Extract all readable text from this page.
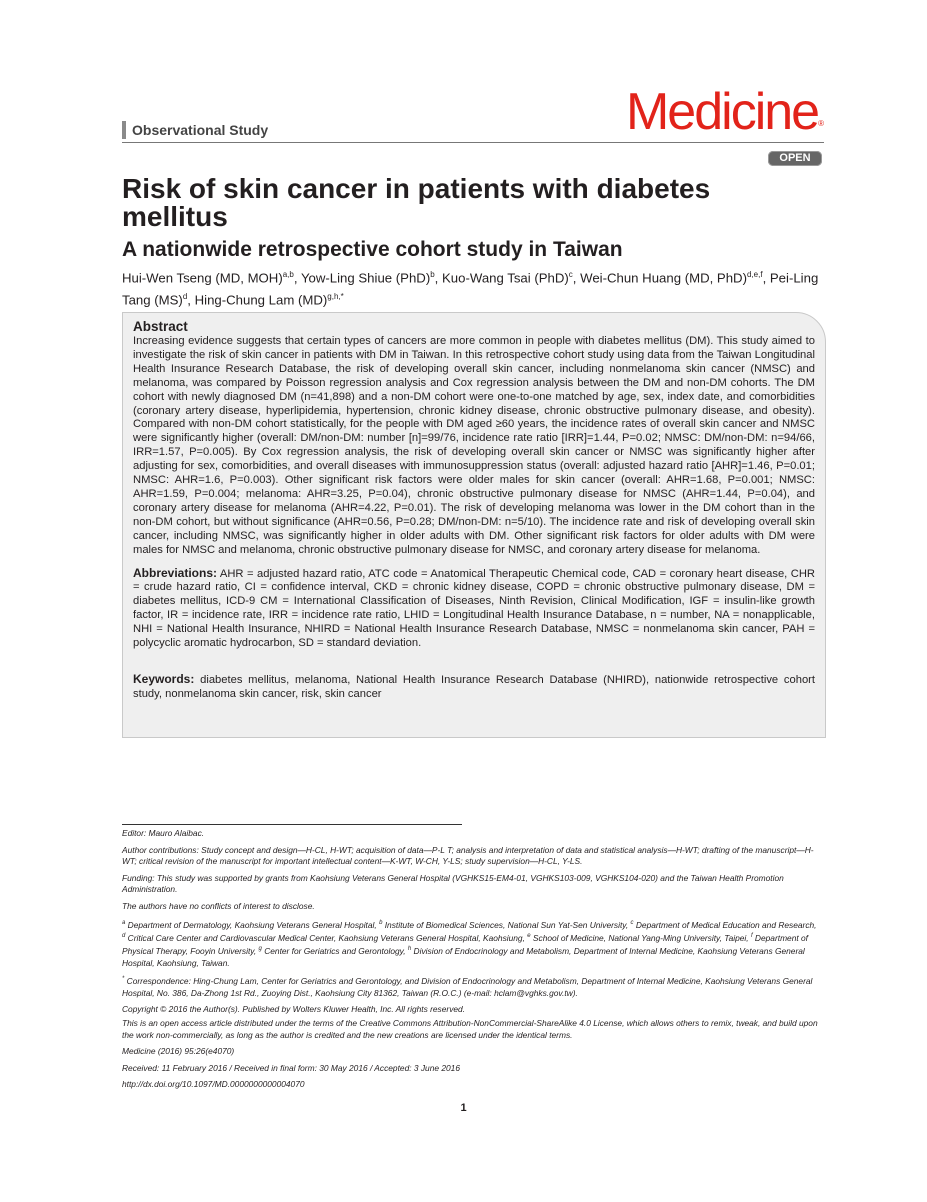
Observational Study	Medicine®
OPEN
Risk of skin cancer in patients with diabetes mellitus
A nationwide retrospective cohort study in Taiwan
Hui-Wen Tseng (MD, MOH)$^{a,b}$, Yow-Ling Shiue (PhD)$^b$, Kuo-Wang Tsai (PhD)$^c$, Wei-Chun Huang (MD, PhD)$^{d,e,f}$, Pei-Ling Tang (MS)$^d$, Hing-Chung Lam (MD)$^{g,h,*}$
Abstract

Increasing evidence suggests that certain types of cancers are more common in people with diabetes mellitus (DM). This study aimed to investigate the risk of skin cancer in patients with DM in Taiwan. In this retrospective cohort study using data from the Taiwan Longitudinal Health Insurance Research Database, the risk of developing overall skin cancer, including nonmelanoma skin cancer (NMSC) and melanoma, was compared by Poisson regression analysis and Cox regression analysis between the DM and non-DM cohorts. The DM cohort with newly diagnosed DM (n=41,898) and a non-DM cohort were one-to-one matched by age, sex, index date, and comorbidities (coronary artery disease, hyperlipidemia, hypertension, chronic kidney disease, chronic obstructive pulmonary disease, and obesity). Compared with non-DM cohort statistically, for the people with DM aged ≥60 years, the incidence rates of overall skin cancer and NMSC were significantly higher (overall: DM/non-DM: number [n]=99/76, incidence rate ratio [IRR]=1.44, P=0.02; NMSC: DM/non-DM: n=94/66, IRR=1.57, P=0.005). By Cox regression analysis, the risk of developing overall skin cancer or NMSC was significantly higher after adjusting for sex, comorbidities, and overall diseases with immunosuppression status (overall: adjusted hazard ratio [AHR]=1.46, P=0.01; NMSC: AHR=1.6, P=0.003). Other significant risk factors were older males for skin cancer (overall: AHR=1.68, P=0.001; NMSC: AHR=1.59, P=0.004; melanoma: AHR=3.25, P=0.04), chronic obstructive pulmonary disease for NMSC (AHR=1.44, P=0.04), and coronary artery disease for melanoma (AHR=4.22, P=0.01). The risk of developing melanoma was lower in the DM cohort than in the non-DM cohort, but without significance (AHR=0.56, P=0.28; DM/non-DM: n=5/10). The incidence rate and risk of developing overall skin cancer, including NMSC, was significantly higher in older adults with DM. Other significant risk factors for older adults with DM were males for NMSC and melanoma, chronic obstructive pulmonary disease for NMSC, and coronary artery disease for melanoma.

Abbreviations: AHR = adjusted hazard ratio, ATC code = Anatomical Therapeutic Chemical code, CAD = coronary heart disease, CHR = crude hazard ratio, CI = confidence interval, CKD = chronic kidney disease, COPD = chronic obstructive pulmonary disease, DM = diabetes mellitus, ICD-9 CM = International Classification of Diseases, Ninth Revision, Clinical Modification, IGF = insulin-like growth factor, IR = incidence rate, IRR = incidence rate ratio, LHID = Longitudinal Health Insurance Database, n = number, NA = nonapplicable, NHI = National Health Insurance, NHIRD = National Health Insurance Research Database, NMSC = nonmelanoma skin cancer, PAH = polycyclic aromatic hydrocarbon, SD = standard deviation.

Keywords: diabetes mellitus, melanoma, National Health Insurance Research Database (NHIRD), nationwide retrospective cohort study, nonmelanoma skin cancer, risk, skin cancer

Editor: Mauro Alaibac.

Author contributions: Study concept and design—H-CL, H-WT; acquisition of data—P-L T; analysis and interpretation of data and statistical analysis—H-WT; drafting of the manuscript—H-WT; critical revision of the manuscript for important intellectual content—K-WT, W-CH, Y-LS; study supervision—H-CL, Y-LS.

Funding: This study was supported by grants from Kaohsiung Veterans General Hospital (VGHKS15-EM4-01, VGHKS103-009, VGHKS104-020) and the Taiwan Health Promotion Administration.

The authors have no conflicts of interest to disclose.

$^a$ Department of Dermatology, Kaohsiung Veterans General Hospital, $^b$ Institute of Biomedical Sciences, National Sun Yat-Sen University, $^c$ Department of Medical Education and Research, $^d$ Critical Care Center and Cardiovascular Medical Center, Kaohsiung Veterans General Hospital, Kaohsiung, $^e$ School of Medicine, National Yang-Ming University, Taipei, $^f$ Department of Physical Therapy, Fooyin University, $^g$ Center for Geriatrics and Gerontology, $^h$ Division of Endocrinology and Metabolism, Department of Internal Medicine, Kaohsiung Veterans General Hospital, Kaohsiung, Taiwan.

* Correspondence: Hing-Chung Lam, Center for Geriatrics and Gerontology, and Division of Endocrinology and Metabolism, Department of Internal Medicine, Kaohsiung Veterans General Hospital, No. 386, Da-Zhong 1st Rd., Zuoying Dist., Kaohsiung City 81362, Taiwan (R.O.C.) (e-mail: hclam@vghks.gov.tw).

Copyright © 2016 the Author(s). Published by Wolters Kluwer Health, Inc. All rights reserved.

This is an open access article distributed under the terms of the Creative Commons Attribution-NonCommercial-ShareAlike 4.0 License, which allows others to remix, tweak, and build upon the work non-commercially, as long as the author is credited and the new creations are licensed under the identical terms.

Medicine (2016) 95:26(e4070)

Received: 11 February 2016 / Received in final form: 30 May 2016 / Accepted: 3 June 2016

http://dx.doi.org/10.1097/MD.0000000000004070

1
